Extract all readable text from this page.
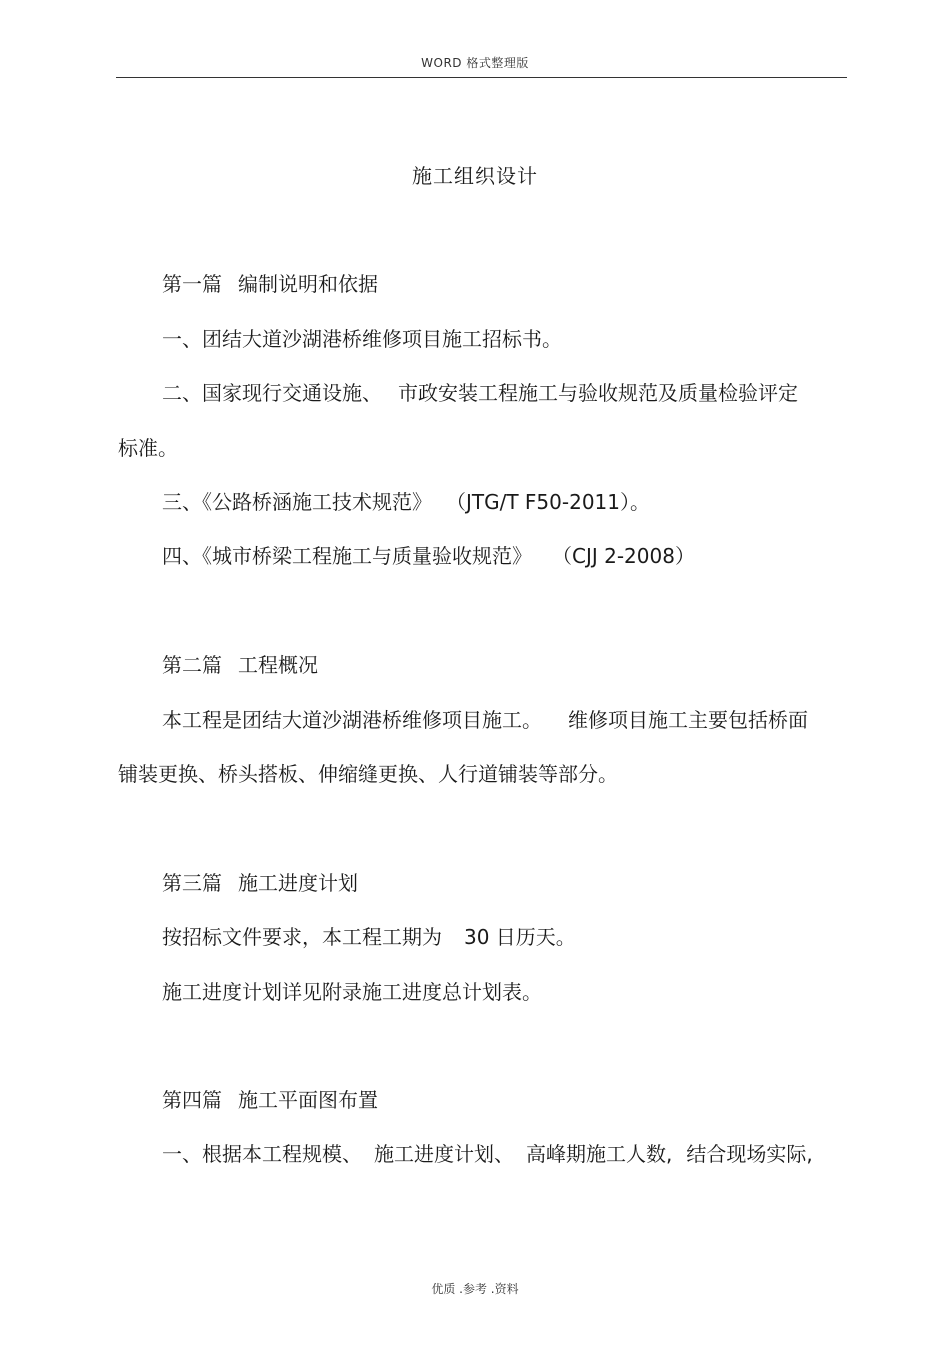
WORD 格式整理版
施工组织设计
第一篇 编制说明和依据
一、团结大道沙湖港桥维修项目施工招标书。
二、国家现行交通设施、 市政安装工程施工与验收规范及质量检验评定
标准。
三、《公路桥涵施工技术规范》 （JTG/T F50-2011）。
四、《城市桥梁工程施工与质量验收规范》 （CJJ 2-2008）
第二篇 工程概况
本工程是团结大道沙湖港桥维修项目施工。 维修项目施工主要包括桥面
铺装更换、桥头搭板、伸缩缝更换、人行道铺装等部分。
第三篇 施工进度计划
按招标文件要求，本工程工期为 30 日历天。
施工进度计划详见附录施工进度总计划表。
第四篇 施工平面图布置
一、根据本工程规模、 施工进度计划、 高峰期施工人数, 结合现场实际,
优质 .参考 .资料
